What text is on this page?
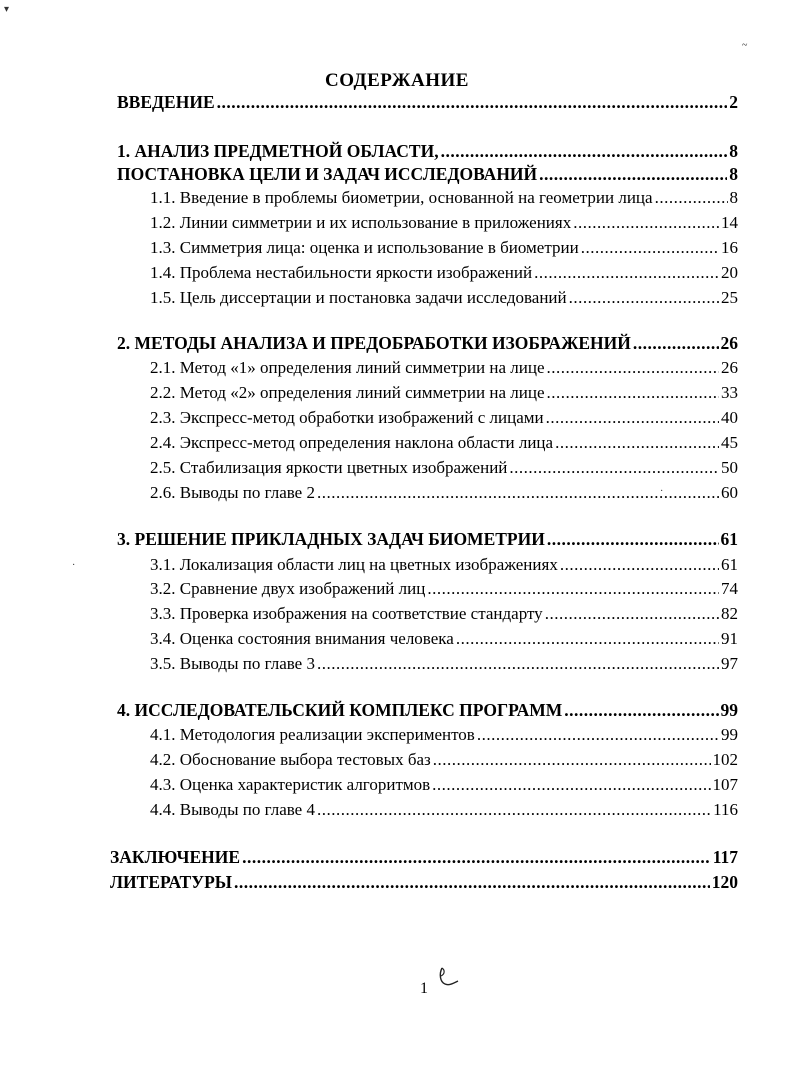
СОДЕРЖАНИЕ
ВВЕДЕНИЕ .....	2
1. АНАЛИЗ ПРЕДМЕТНОЙ ОБЛАСТИ, .....	8
ПОСТАНОВКА ЦЕЛИ И ЗАДАЧ ИССЛЕДОВАНИЙ .....	8
1.1. Введение в проблемы биометрии, основанной на геометрии лица .....	8
1.2. Линии симметрии и их использование в приложениях .....	14
1.3. Симметрия лица: оценка и использование в биометрии .....	16
1.4. Проблема нестабильности яркости изображений .....	20
1.5. Цель диссертации и постановка задачи исследований .....	25
2. МЕТОДЫ АНАЛИЗА И ПРЕДОБРАБОТКИ ИЗОБРАЖЕНИЙ .....	26
2.1. Метод «1» определения линий симметрии на лице .....	26
2.2. Метод «2» определения линий симметрии на лице .....	33
2.3. Экспресс-метод обработки изображений с лицами .....	40
2.4. Экспресс-метод определения наклона области лица .....	45
2.5. Стабилизация яркости цветных изображений .....	50
2.6. Выводы по главе 2 .....	60
3. РЕШЕНИЕ ПРИКЛАДНЫХ ЗАДАЧ БИОМЕТРИИ .....	61
3.1. Локализация области лиц на цветных изображениях .....	61
3.2. Сравнение двух изображений лиц .....	74
3.3. Проверка изображения на соответствие стандарту .....	82
3.4. Оценка состояния внимания человека .....	91
3.5. Выводы по главе 3 .....	97
4. ИССЛЕДОВАТЕЛЬСКИЙ КОМПЛЕКС ПРОГРАММ .....	99
4.1. Методология реализации экспериментов .....	99
4.2. Обоснование выбора тестовых баз .....	102
4.3. Оценка характеристик алгоритмов .....	107
4.4. Выводы по главе 4 .....	116
ЗАКЛЮЧЕНИЕ .....	117
ЛИТЕРАТУРЫ .....	120
1
▾
~
·
·
